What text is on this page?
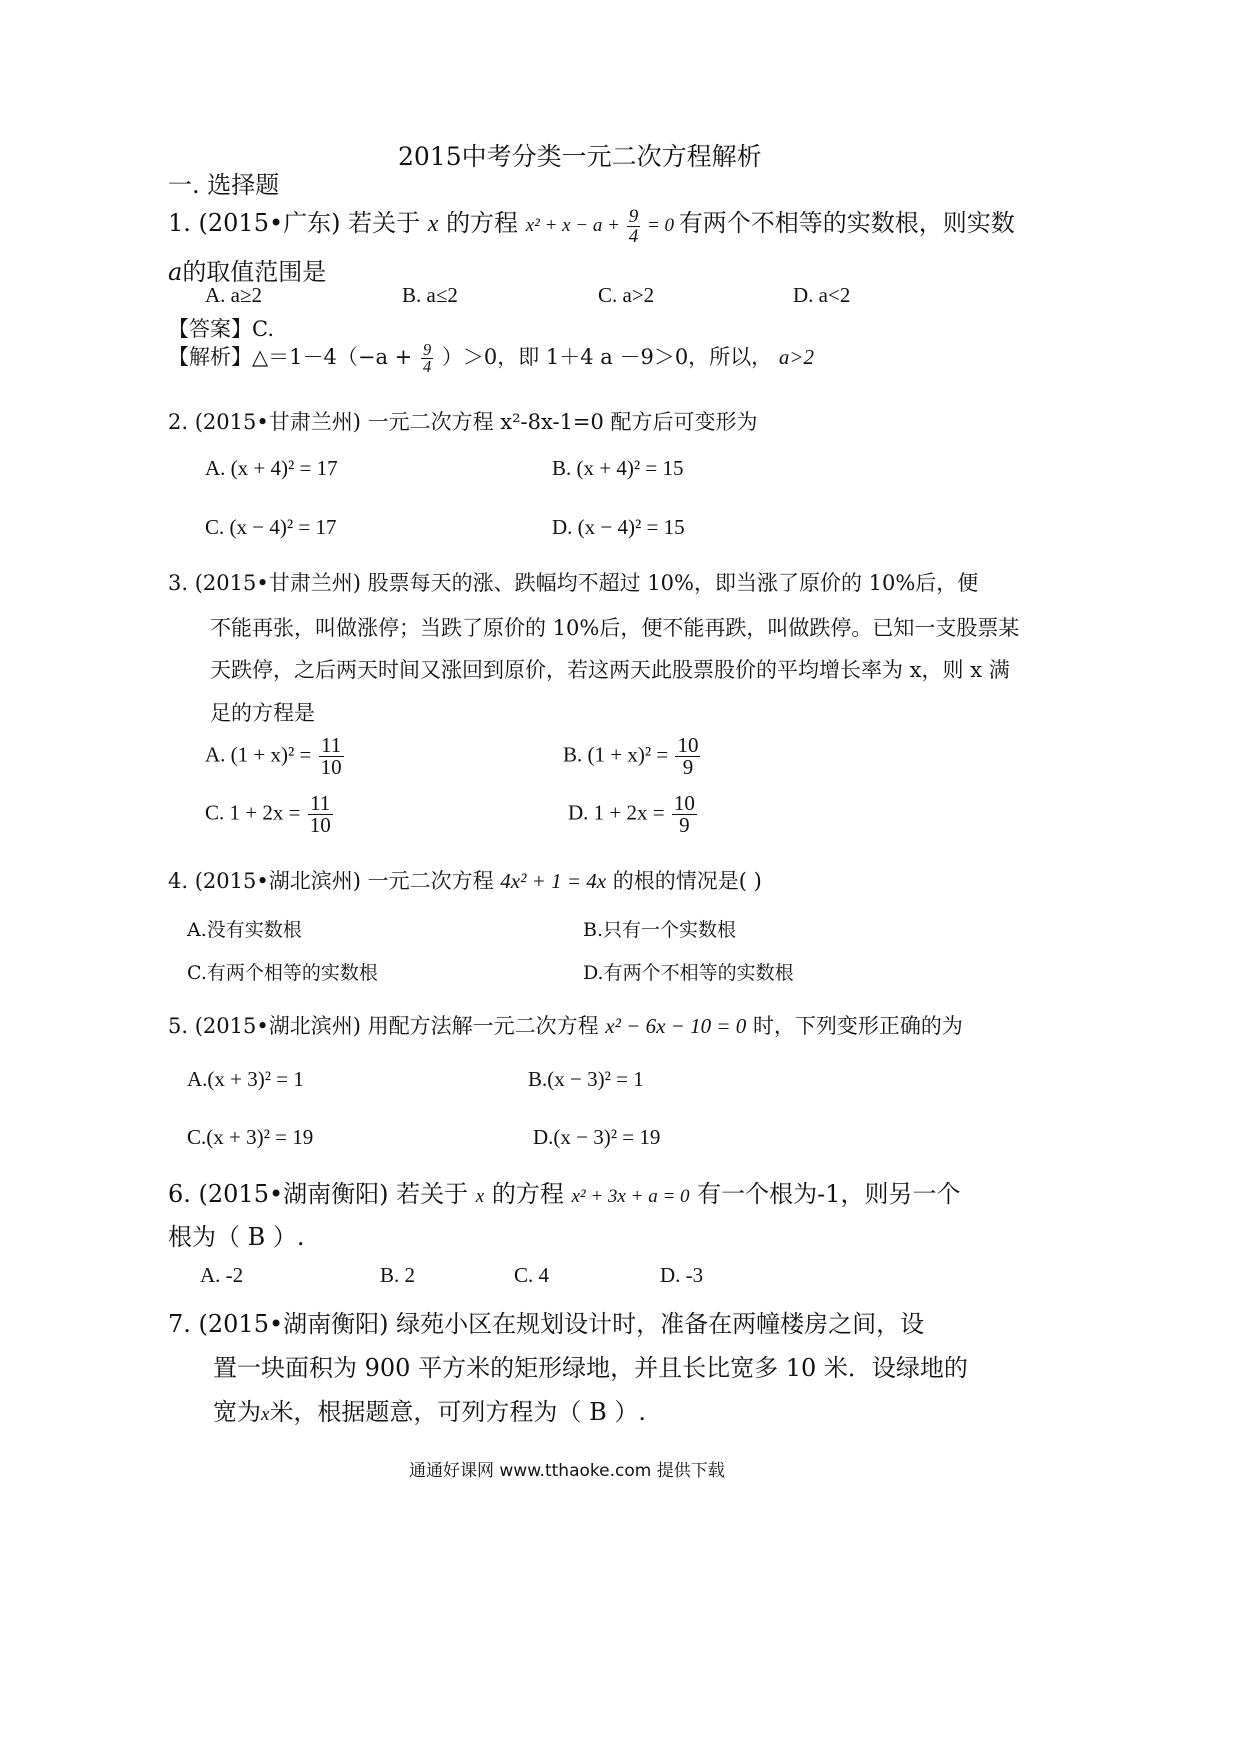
2015中考分类一元二次方程解析
一. 选择题
1. (2015•广东) 若关于 x 的方程 $x^2 + x - a + \frac{9}{4} = 0$ 有两个不相等的实数根，则实数
a的取值范围是
A. a≥2	B. a≤2	C. a>2	D. a<2
【答案】C.
【解析】△＝1－4（−a + $\frac{9}{4} )>0$，即 1＋4 a －9＞0，所以， a>2
2. (2015•甘肃兰州) 一元二次方程 x²-8x-1=0 配方后可变形为
A. (x + 4)² = 17	B. (x + 4)² = 15
C. (x − 4)² = 17	D. (x − 4)² = 15
3. (2015•甘肃兰州) 股票每天的涨、跌幅均不超过 10%，即当涨了原价的 10%后，便
不能再张，叫做涨停；当跌了原价的 10%后，便不能再跌，叫做跌停。已知一支股票某
天跌停，之后两天时间又涨回到原价，若这两天此股票股价的平均增长率为 x，则 x 满
足的方程是
A. $(1 + x)^2 = \frac{11}{10}$	B. $(1 + x)^2 = \frac{10}{9}$
C. $1 + 2x = \frac{11}{10}$	D. $1 + 2x = \frac{10}{9}$
4. (2015•湖北滨州) 一元二次方程 4x² + 1 = 4x 的根的情况是( )
A.没有实数根	B.只有一个实数根
C.有两个相等的实数根	D.有两个不相等的实数根
5. (2015•湖北滨州) 用配方法解一元二次方程 x² − 6x − 10 = 0 时，下列变形正确的为
A.(x + 3)² = 1	B.(x − 3)² = 1
C.(x + 3)² = 19	D.(x − 3)² = 19
6. (2015•湖南衡阳) 若关于 x 的方程 x² + 3x + a = 0 有一个根为-1，则另一个
根为（ B ）.
A. -2	B. 2	C. 4	D. -3
7. (2015•湖南衡阳) 绿苑小区在规划设计时，准备在两幢楼房之间，设
置一块面积为 900 平方米的矩形绿地，并且长比宽多 10 米．设绿地的
宽为x米，根据题意，可列方程为（ B ）.
通通好课网 www.tthaoke.com 提供下载
